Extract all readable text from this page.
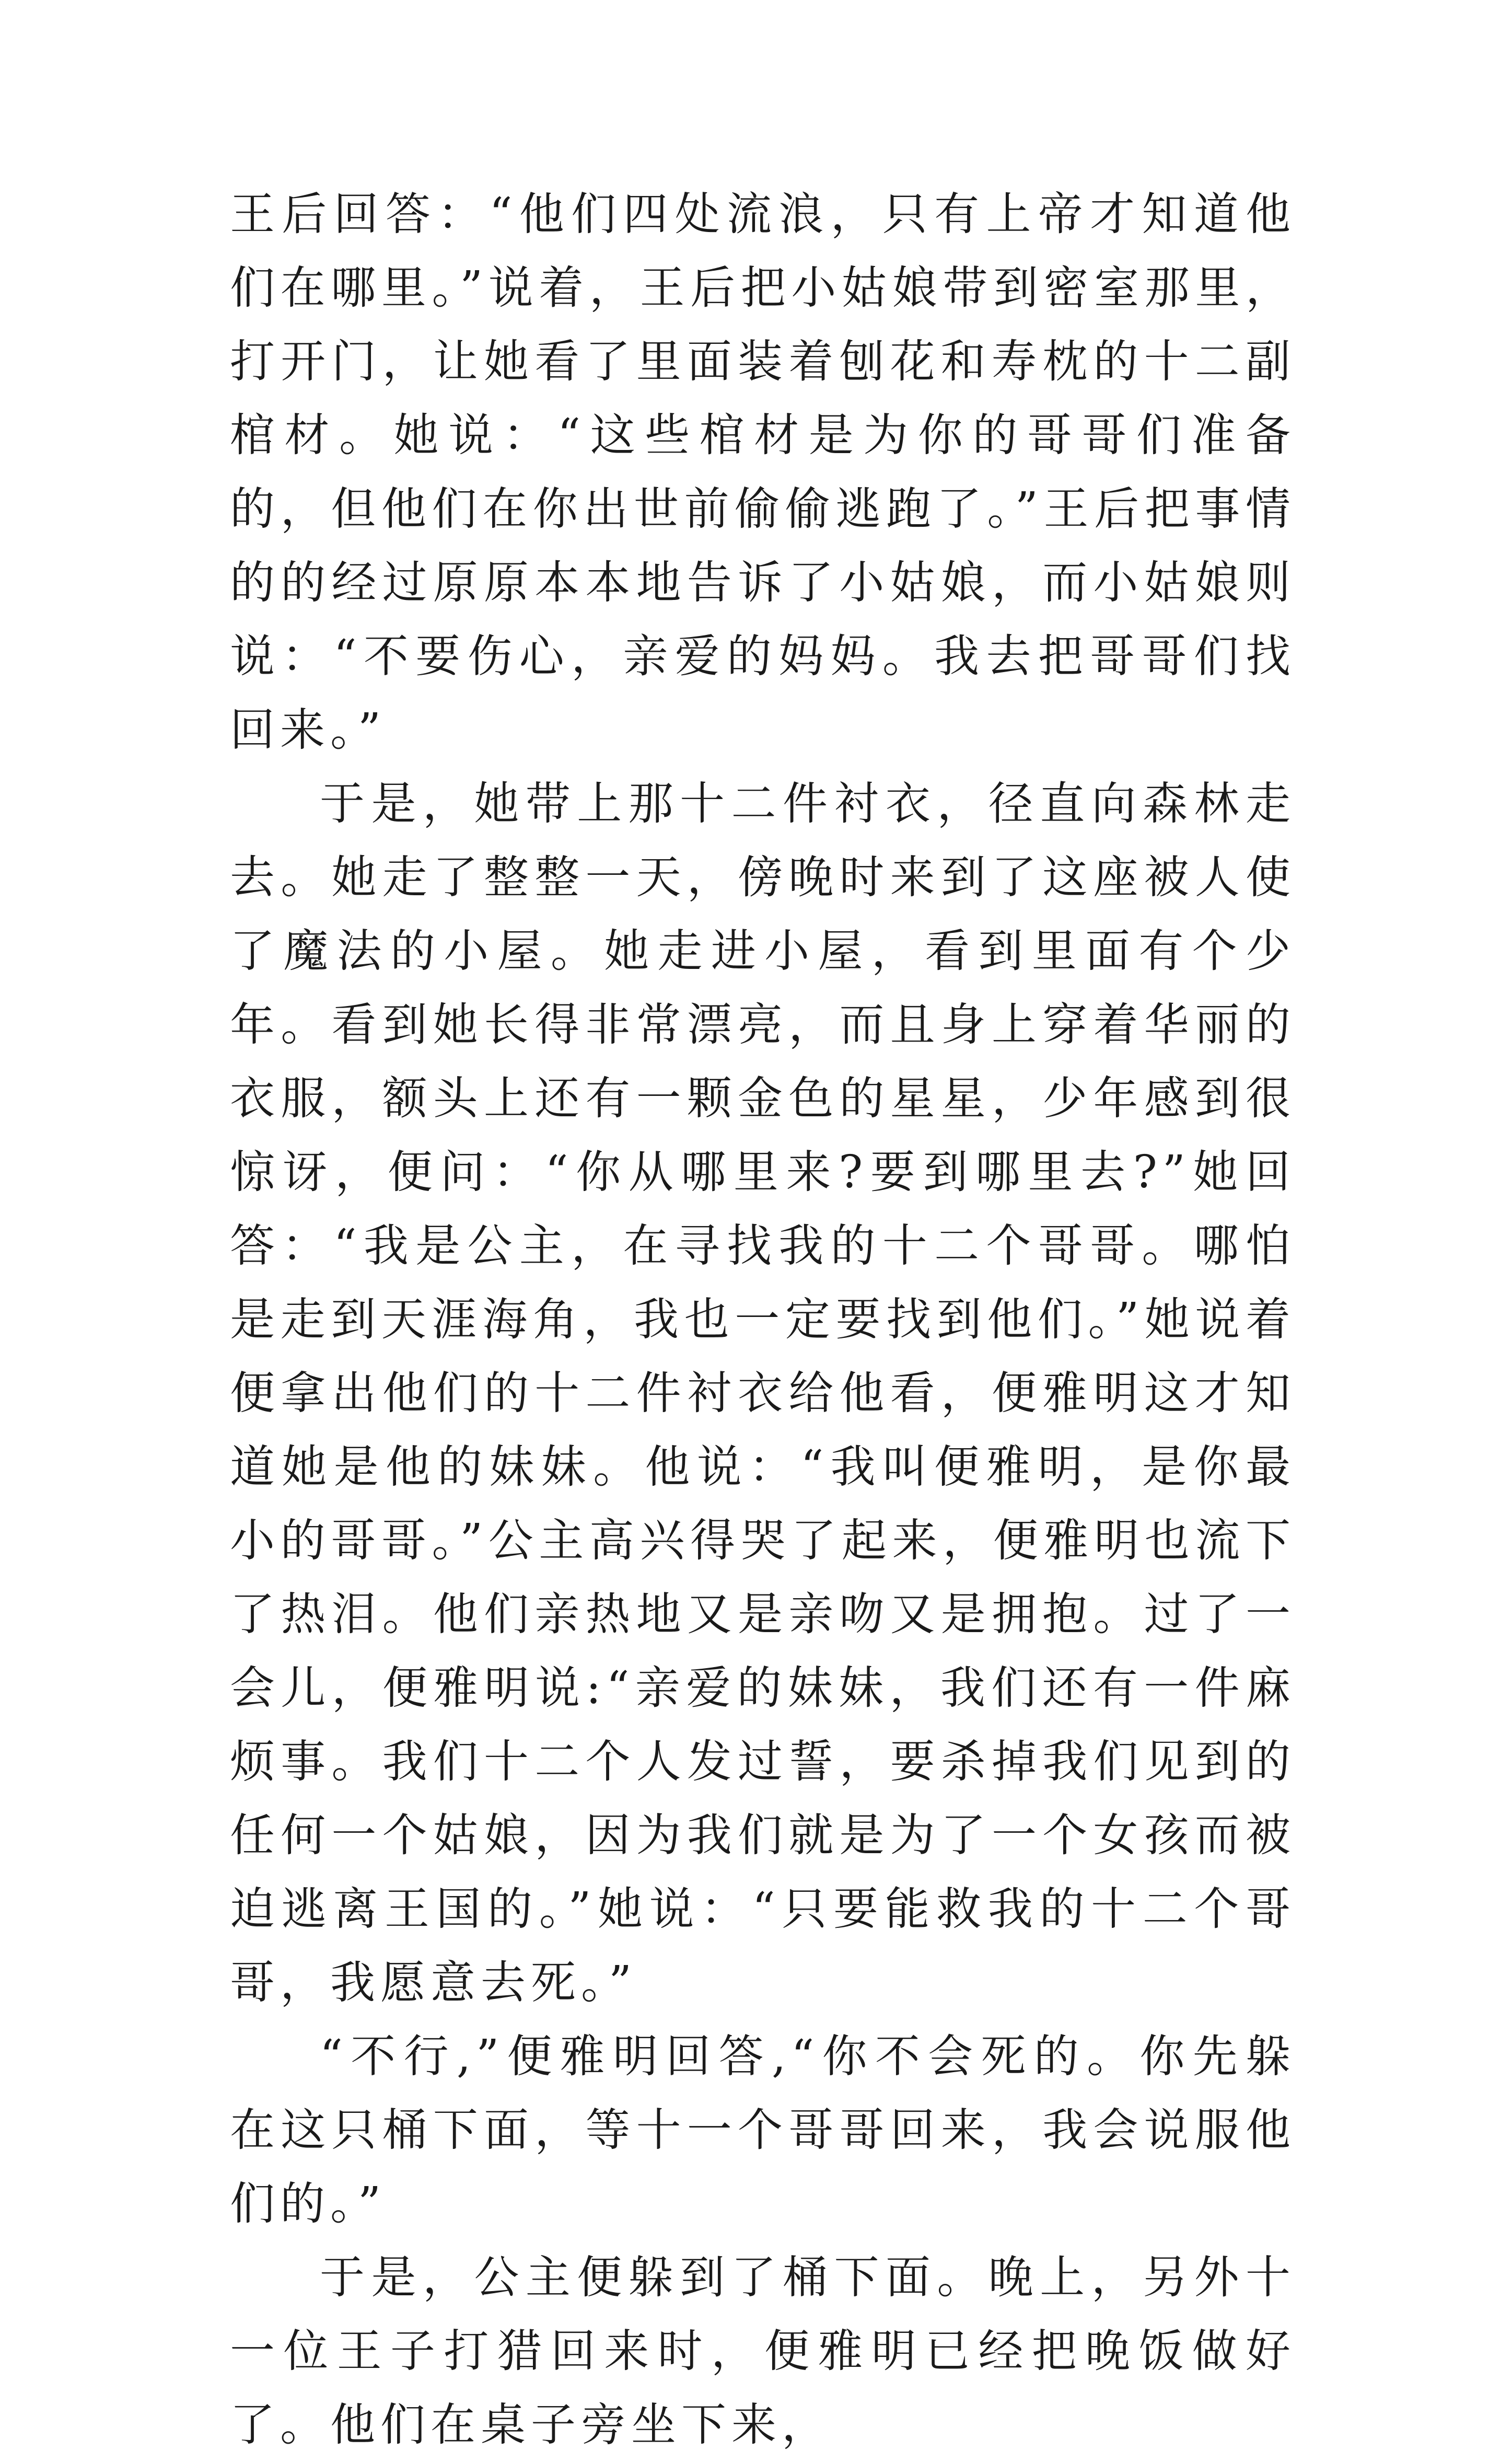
王后回答：“他们四处流浪，只有上帝才知道他们在哪里。”说着，王后把小姑娘带到密室那里，打开门，让她看了里面装着刨花和寿枕的十二副棺材。她说：“这些棺材是为你的哥哥们准备的，但他们在你出世前偷偷逃跑了。”王后把事情的的经过原原本本地告诉了小姑娘，而小姑娘则说：“不要伤心，亲爱的妈妈。我去把哥哥们找回来。”

于是，她带上那十二件衬衣，径直向森林走去。她走了整整一天，傍晚时来到了这座被人使了魔法的小屋。她走进小屋，看到里面有个少年。看到她长得非常漂亮，而且身上穿着华丽的衣服，额头上还有一颗金色的星星，少年感到很惊讶，便问：“你从哪里来?要到哪里去?”她回答：“我是公主，在寻找我的十二个哥哥。哪怕是走到天涯海角，我也一定要找到他们。”她说着便拿出他们的十二件衬衣给他看，便雅明这才知道她是他的妹妹。他说：“我叫便雅明，是你最小的哥哥。”公主高兴得哭了起来，便雅明也流下了热泪。他们亲热地又是亲吻又是拥抱。过了一会儿，便雅明说:“亲爱的妹妹，我们还有一件麻烦事。我们十二个人发过誓，要杀掉我们见到的任何一个姑娘，因为我们就是为了一个女孩而被迫逃离王国的。”她说：“只要能救我的十二个哥哥，我愿意去死。”

“不行,”便雅明回答,“你不会死的。你先躲在这只桶下面，等十一个哥哥回来，我会说服他们的。”

于是，公主便躲到了桶下面。晚上，另外十一位王子打猎回来时，便雅明已经把晚饭做好了。他们在桌子旁坐下来，
